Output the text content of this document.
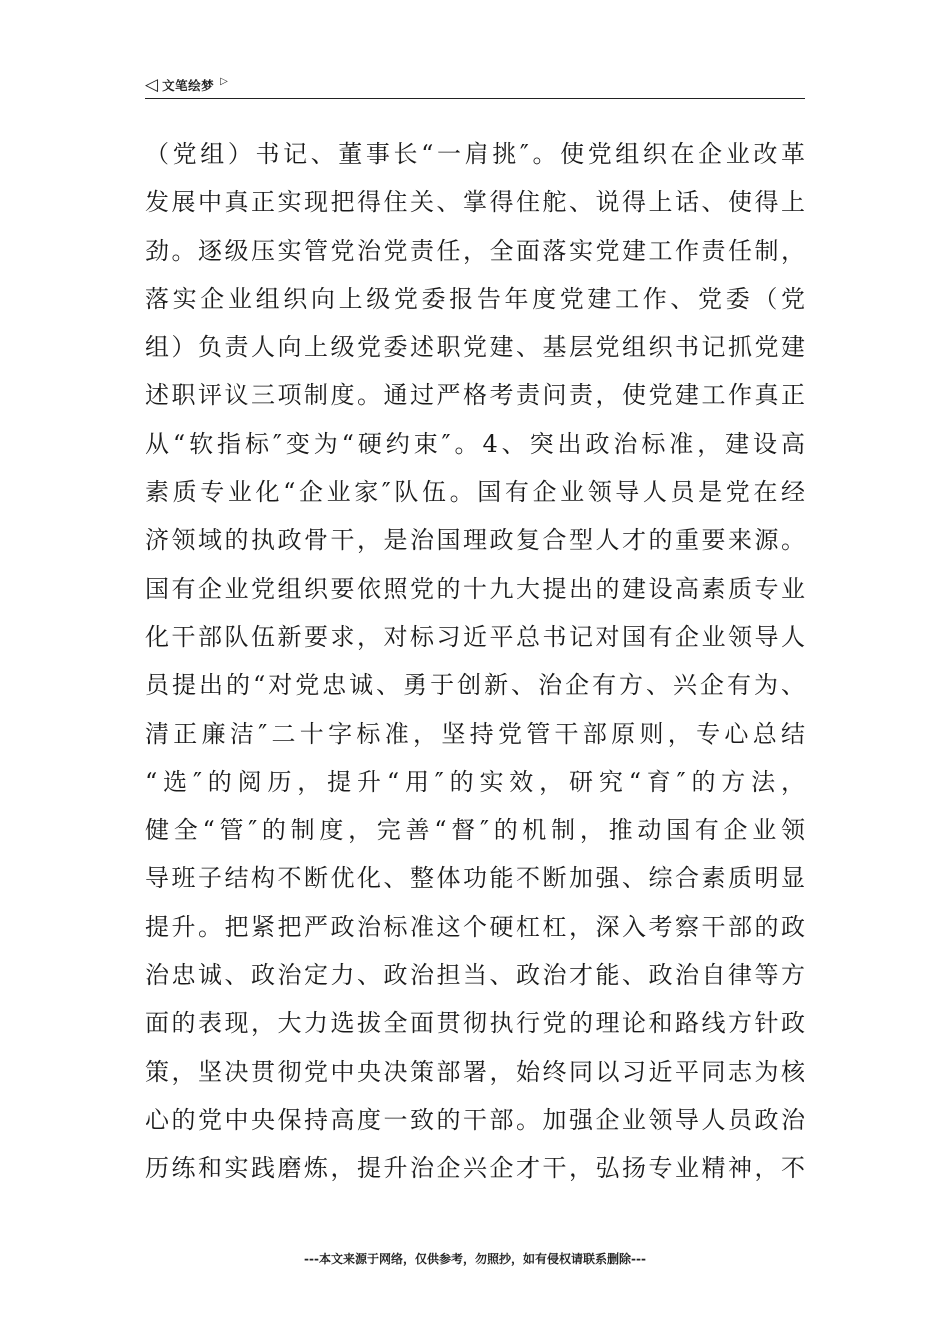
◁ 文笔绘梦 ▷
（党组）书记、董事长“一肩挑″。使党组织在企业改革
发展中真正实现把得住关、掌得住舵、说得上话、使得上
劲。逐级压实管党治党责任，全面落实党建工作责任制，
落实企业组织向上级党委报告年度党建工作、党委（党
组）负责人向上级党委述职党建、基层党组织书记抓党建
述职评议三项制度。通过严格考责问责，使党建工作真正
从“软指标″变为“硬约束″。4、突出政治标准，建设高
素质专业化“企业家″队伍。国有企业领导人员是党在经
济领域的执政骨干，是治国理政复合型人才的重要来源。
国有企业党组织要依照党的十九大提出的建设高素质专业
化干部队伍新要求，对标习近平总书记对国有企业领导人
员提出的“对党忠诚、勇于创新、治企有方、兴企有为、
清正廉洁″二十字标准，坚持党管干部原则，专心总结
“选″的阅历，提升“用″的实效，研究“育″的方法，
健全“管″的制度，完善“督″的机制，推动国有企业领
导班子结构不断优化、整体功能不断加强、综合素质明显
提升。把紧把严政治标准这个硬杠杠，深入考察干部的政
治忠诚、政治定力、政治担当、政治才能、政治自律等方
面的表现，大力选拔全面贯彻执行党的理论和路线方针政
策，坚决贯彻党中央决策部署，始终同以习近平同志为核
心的党中央保持高度一致的干部。加强企业领导人员政治
历练和实践磨炼，提升治企兴企才干，弘扬专业精神，不
---本文来源于网络，仅供参考，勿照抄，如有侵权请联系删除---
